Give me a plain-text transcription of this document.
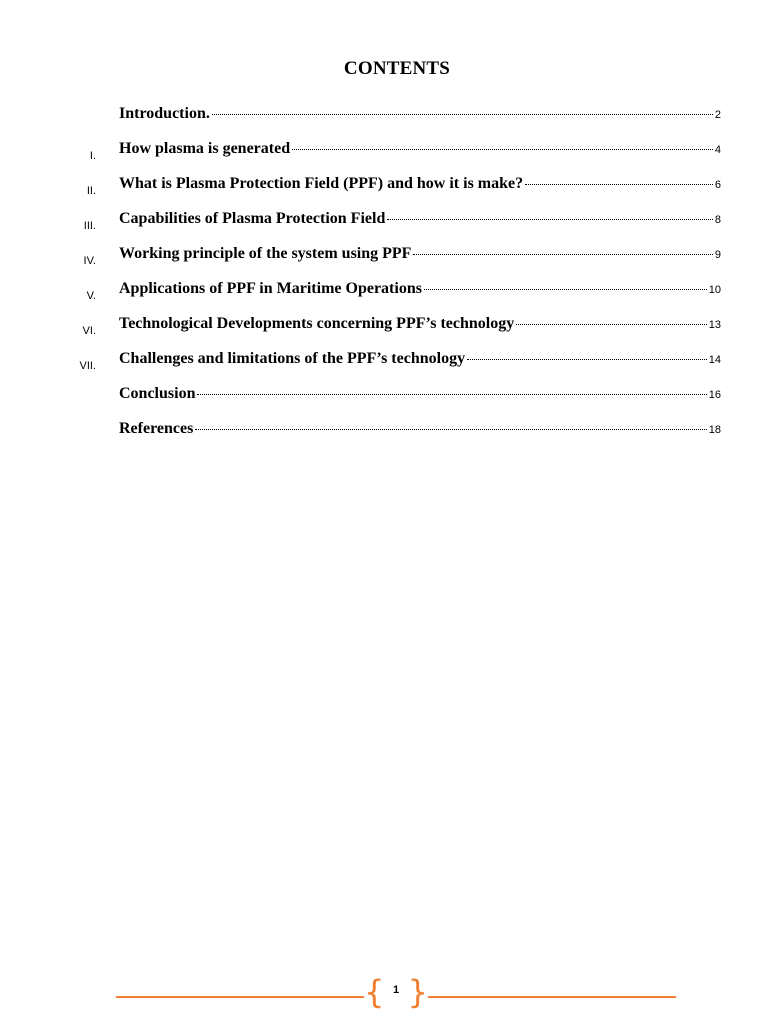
CONTENTS
Introduction.	2
I. How plasma is generated	4
II. What is Plasma Protection Field (PPF) and how it is make?	6
III. Capabilities of Plasma Protection Field	8
IV. Working principle of the system using PPF	9
V. Applications of PPF in Maritime Operations	10
VI. Technological Developments concerning PPF’s technology	13
VII. Challenges and limitations of the PPF’s technology	14
Conclusion	16
References	18
{ 1 }
